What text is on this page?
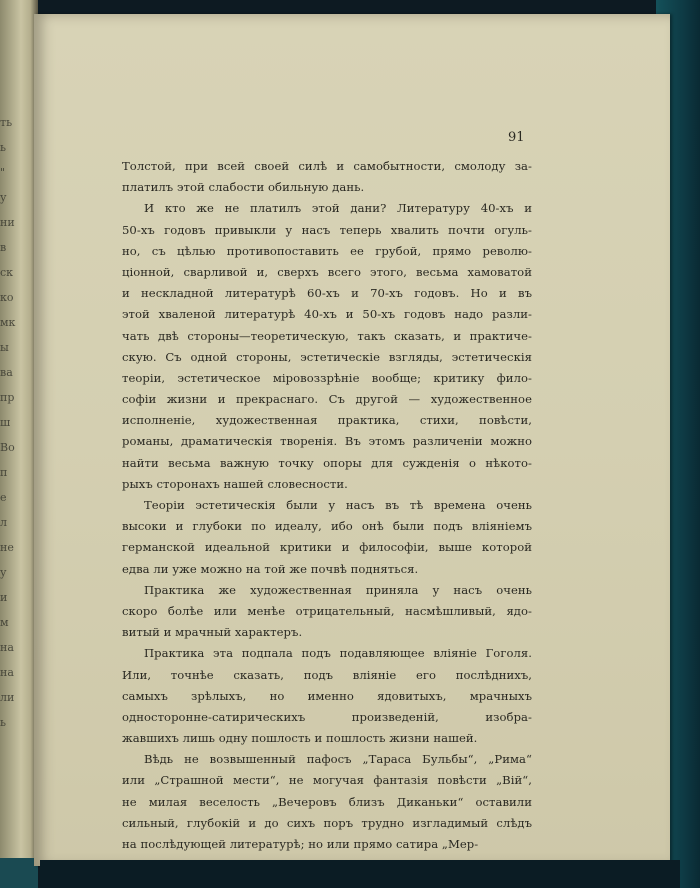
ть
ь
"
у
ни
в
ск
ко
мк
ы
ва
пр
ш
Во
п
е
л
не
у
и
м
на
на
ли
ь
91
Толстой, при всей своей силѣ и самобытности, смолоду за-
платилъ этой слабости обильную дань.
И кто же не платилъ этой дани? Литературу 40-хъ и
50-хъ годовъ привыкли у насъ теперь хвалить почти огуль-
но, съ цѣлью противопоставить ее грубой, прямо револю-
ціонной, сварливой и, сверхъ всего этого, весьма хамоватой
и нескладной литературѣ 60-хъ и 70-хъ годовъ. Но и въ
этой хваленой литературѣ 40-хъ и 50-хъ годовъ надо разли-
чать двѣ стороны—теоретическую, такъ сказать, и практиче-
скую. Съ одной стороны, эстетическіе взгляды, эстетическія
теоріи, эстетическое міровоззрѣніе вообще; критику фило-
софіи жизни и прекраснаго. Съ другой — художественное
исполненіе, художественная практика, стихи, повѣсти,
романы, драматическія творенія. Въ этомъ различеніи можно
найти весьма важную точку опоры для сужденія о нѣкото-
рыхъ сторонахъ нашей словесности.
Теоріи эстетическія были у насъ въ тѣ времена очень
высоки и глубоки по идеалу, ибо онѣ были подъ вліяніемъ
германской идеальной критики и философіи, выше которой
едва ли уже можно на той же почвѣ подняться.
Практика же художественная приняла у насъ очень
скоро болѣе или менѣе отрицательный, насмѣшливый, ядо-
витый и мрачный характеръ.
Практика эта подпала подъ подавляющее вліяніе Гоголя.
Или, точнѣе сказать, подъ вліяніе его послѣднихъ,
самыхъ зрѣлыхъ, но именно ядовитыхъ, мрачныхъ
односторонне-сатирическихъ произведеній, изобра-
жавшихъ лишь одну пошлость и пошлость жизни нашей.
Вѣдь не возвышенный пафосъ „Тараса Бульбы“, „Рима“
или „Страшной мести“, не могучая фантазія повѣсти „Вій“,
не милая веселость „Вечеровъ близъ Диканьки“ оставили
сильный, глубокій и до сихъ поръ трудно изгладимый слѣдъ
на послѣдующей литературѣ; но или прямо сатира „Мер-
